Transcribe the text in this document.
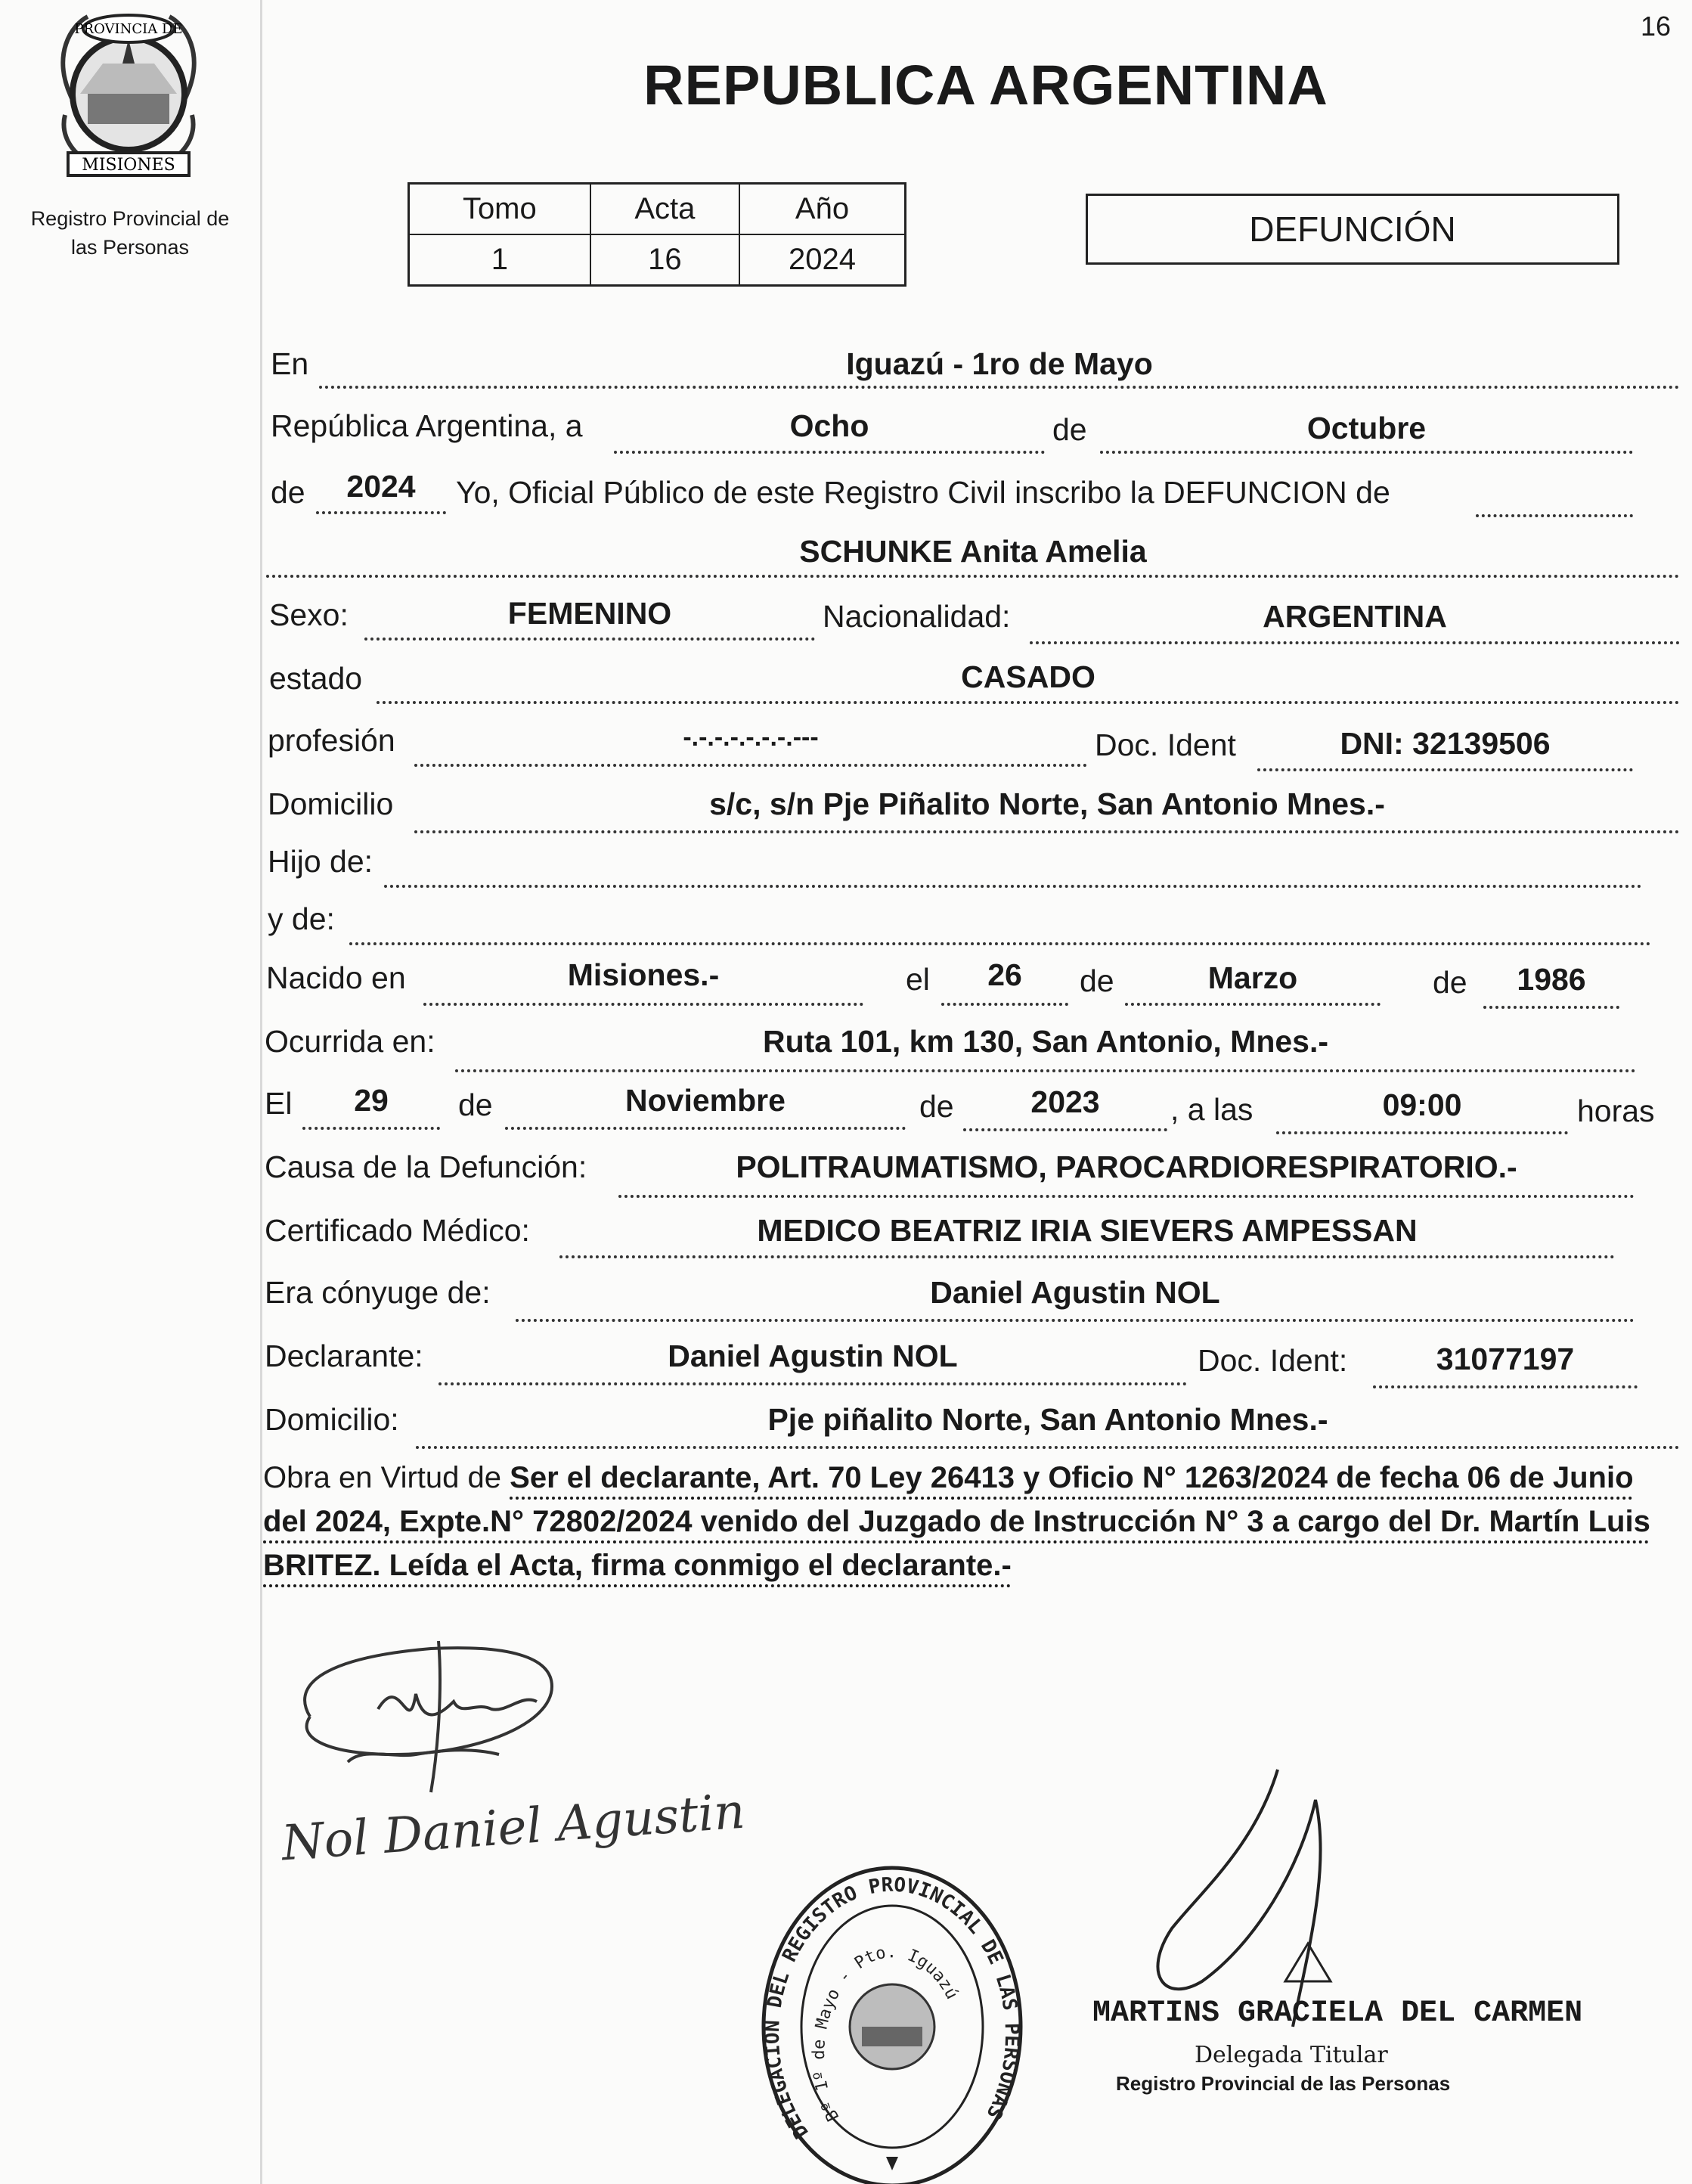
16
PROVINCIA DE
MISIONES
Registro Provincial de
las Personas
REPUBLICA ARGENTINA
Tomo	Acta	Año
1	16	2024
DEFUNCIÓN
En	Iguazú - 1ro de Mayo
República Argentina, a	Ocho	de	Octubre
de	2024	Yo, Oficial Público de este Registro Civil inscribo la DEFUNCION de
SCHUNKE Anita Amelia
Sexo:	FEMENINO	Nacionalidad:	ARGENTINA
estado	CASADO
profesión	-.-.-.-.-.-.-.---	Doc. Ident	DNI: 32139506
Domicilio	s/c, s/n Pje Piñalito Norte, San Antonio Mnes.-
Hijo de:
y de:
Nacido en	Misiones.-	el	26	de	Marzo	de	1986
Ocurrida en:	Ruta 101, km 130, San Antonio, Mnes.-
El	29	de	Noviembre	de	2023	, a las	09:00	horas
Causa de la Defunción:	POLITRAUMATISMO, PAROCARDIORESPIRATORIO.-
Certificado Médico:	MEDICO BEATRIZ IRIA SIEVERS AMPESSAN
Era cónyuge de:	Daniel Agustin NOL
Declarante:	Daniel Agustin NOL	Doc. Ident:	31077197
Domicilio:	Pje piñalito Norte, San Antonio Mnes.-
Obra en Virtud de Ser el declarante, Art. 70 Ley 26413 y Oficio N° 1263/2024 de fecha 06 de Junio del 2024, Expte.N° 72802/2024 venido del Juzgado de Instrucción N° 3 a cargo del Dr. Martín Luis BRITEZ. Leída el Acta, firma conmigo el declarante.-
Nol Daniel Agustin
DELEGACION DEL REGISTRO PROVINCIAL DE LAS PERSONAS
Bº 1º de Mayo - Pto. Iguazú
MARTINS GRACIELA DEL CARMEN
Delegada Titular
Registro Provincial de las Personas
